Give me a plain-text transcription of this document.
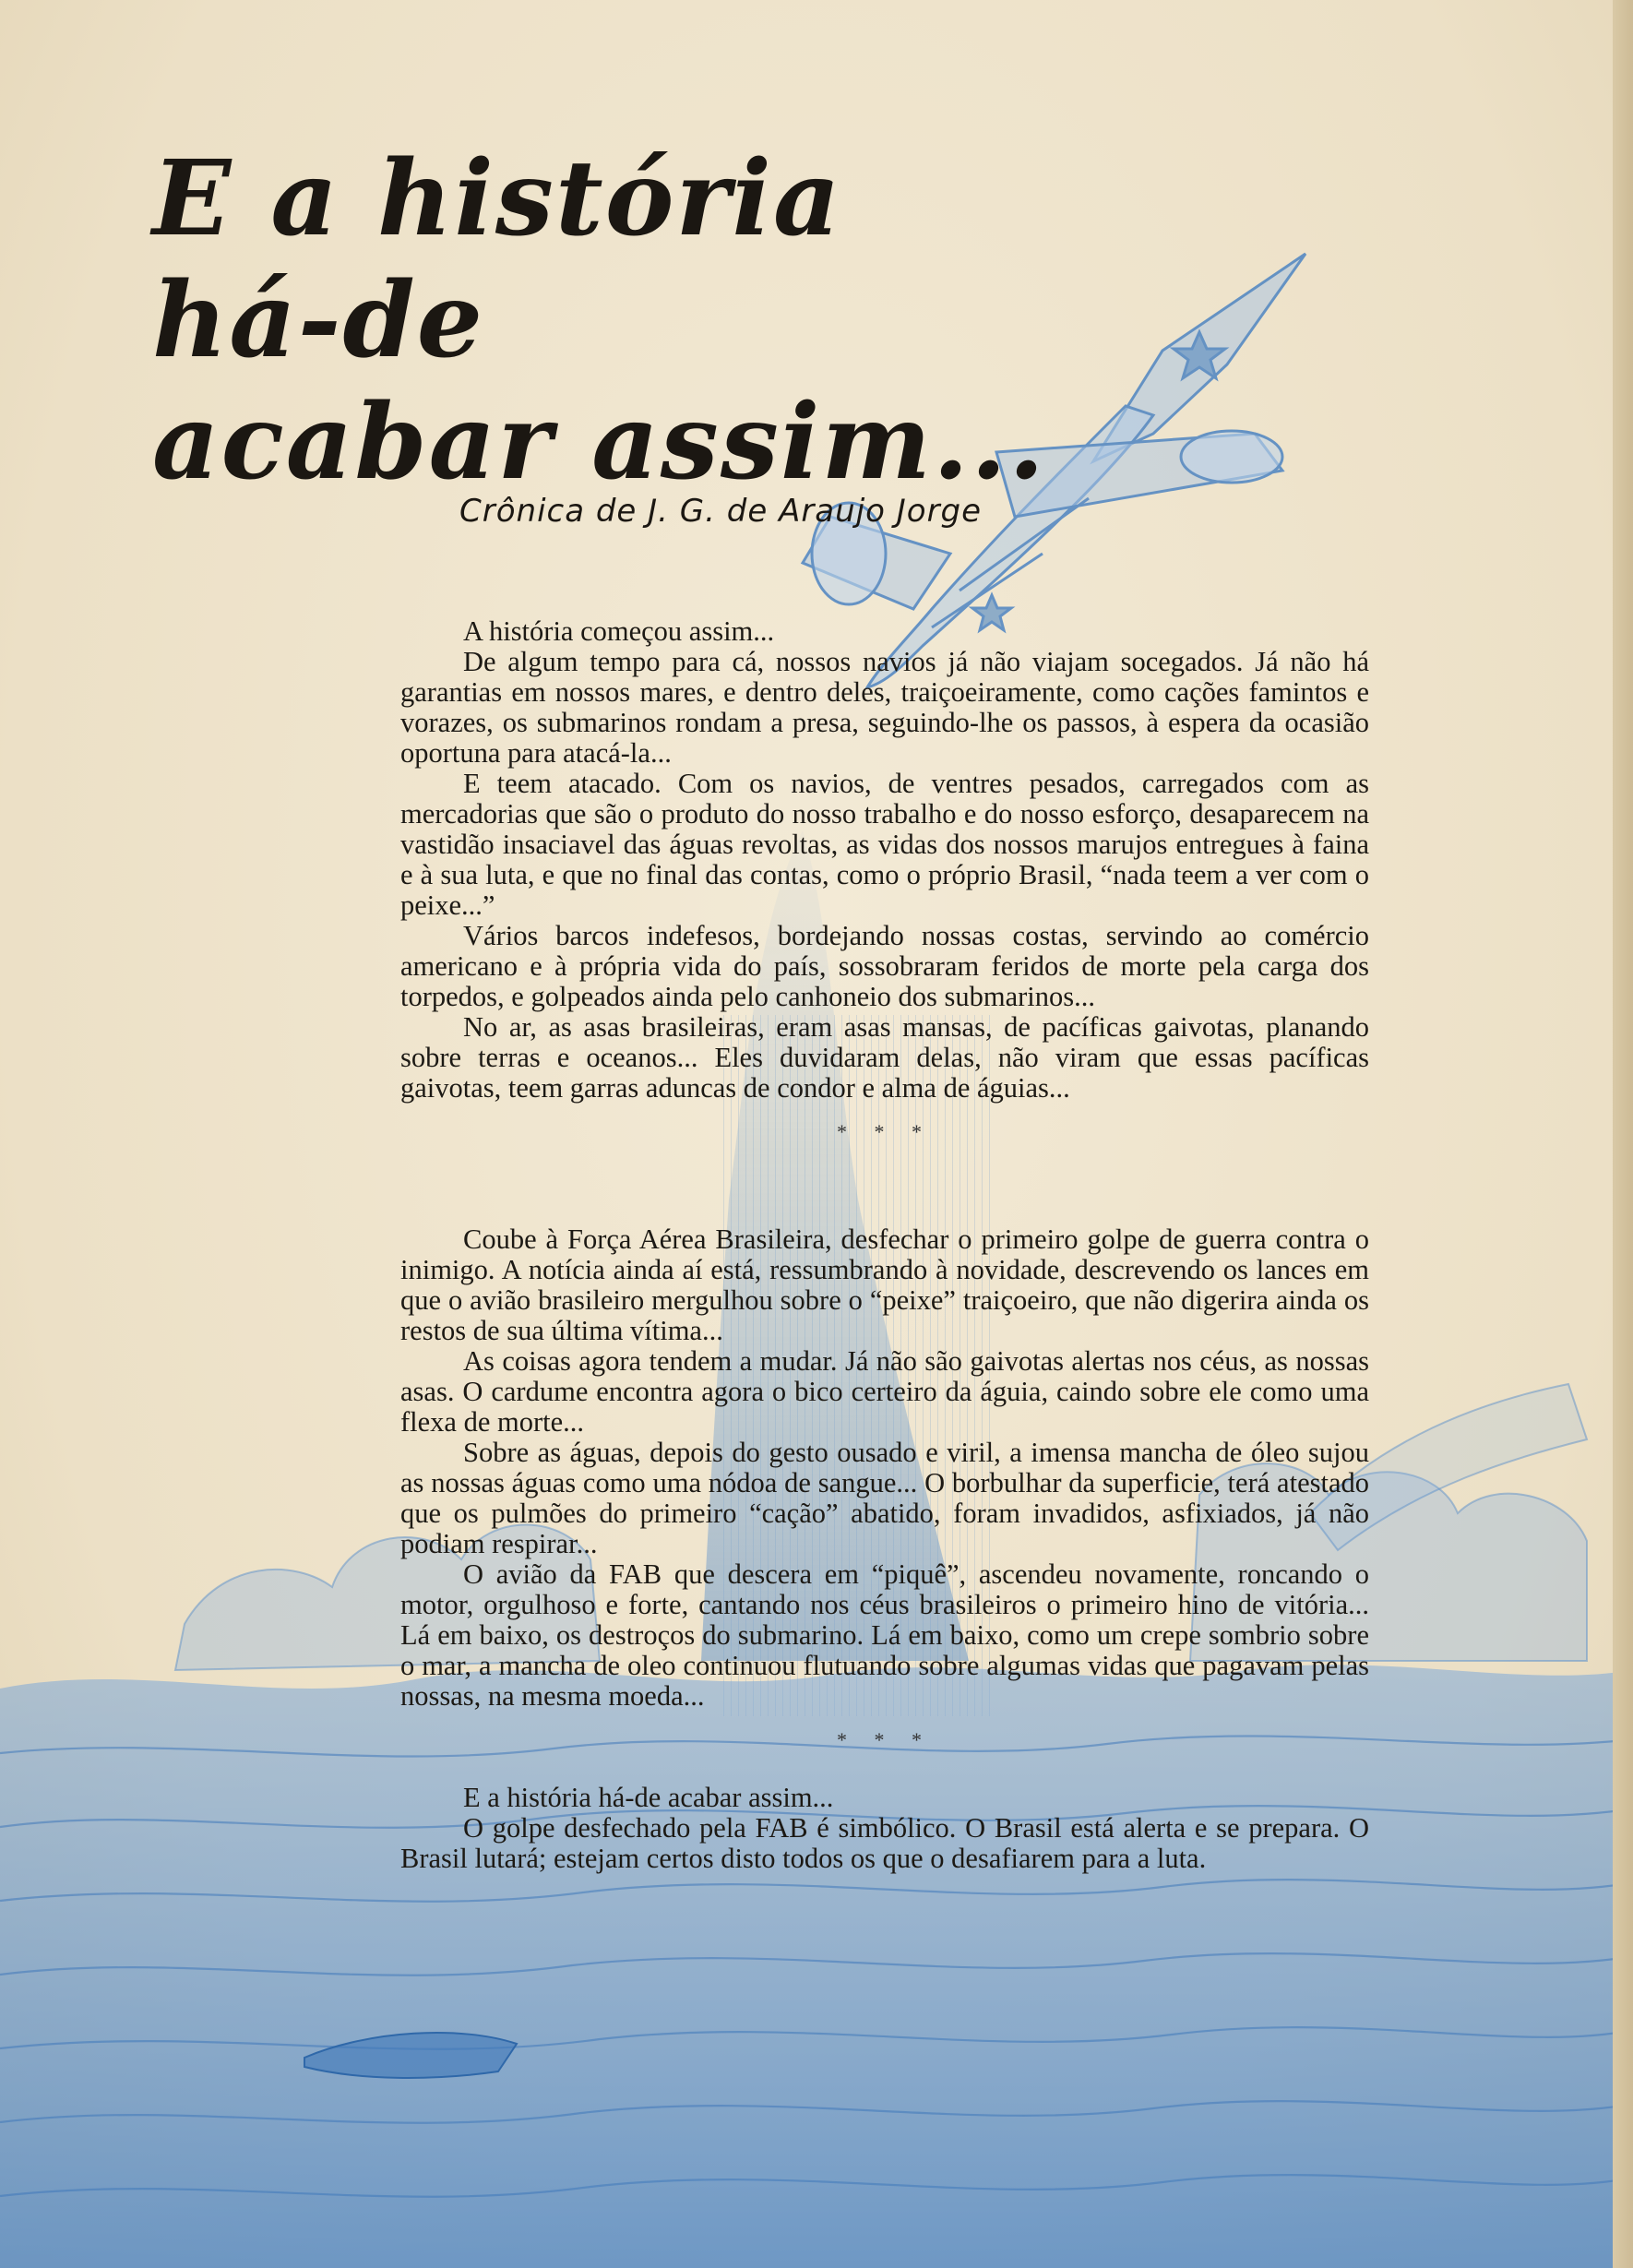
E a história
há-de
acabar assim...
Crônica de J. G. de Araujo Jorge

A história começou assim...

De algum tempo para cá, nossos navios já não viajam socegados. Já não há garantias em nossos mares, e dentro deles, traiçoeiramente, como cações famintos e vorazes, os submarinos rondam a presa, seguindo-lhe os passos, à espera da ocasião oportuna para atacá-la...

E teem atacado. Com os navios, de ventres pesados, carregados com as mercadorias que são o produto do nosso trabalho e do nosso esforço, desaparecem na vastidão insaciavel das águas revoltas, as vidas dos nossos marujos entregues à faina e à sua luta, e que no final das contas, como o próprio Brasil, “nada teem a ver com o peixe...”

Vários barcos indefesos, bordejando nossas costas, servindo ao comércio americano e à própria vida do país, sossobraram feridos de morte pela carga dos torpedos, e golpeados ainda pelo canhoneio dos submarinos...

No ar, as asas brasileiras, eram asas mansas, de pacíficas gaivotas, planando sobre terras e oceanos... Eles duvidaram delas, não viram que essas pacíficas gaivotas, teem garras aduncas de condor e alma de águias...

* * *

Coube à Força Aérea Brasileira, desfechar o primeiro golpe de guerra contra o inimigo. A notícia ainda aí está, ressumbrando à novidade, descrevendo os lances em que o avião brasileiro mergulhou sobre o “peixe” traiçoeiro, que não digerira ainda os restos de sua última vítima...

As coisas agora tendem a mudar. Já não são gaivotas alertas nos céus, as nossas asas. O cardume encontra agora o bico certeiro da águia, caindo sobre ele como uma flexa de morte...

Sobre as águas, depois do gesto ousado e viril, a imensa mancha de óleo sujou as nossas águas como uma nódoa de sangue... O borbulhar da superficie, terá atestado que os pulmões do primeiro “cação” abatido, foram invadidos, asfixiados, já não podiam respirar...

O avião da FAB que descera em “piquê”, ascendeu novamente, roncando o motor, orgulhoso e forte, cantando nos céus brasileiros o primeiro hino de vitória... Lá em baixo, os destroços do submarino. Lá em baixo, como um crepe sombrio sobre o mar, a mancha de oleo continuou flutuando sobre algumas vidas que pagavam pelas nossas, na mesma moeda...

* * *

E a história há-de acabar assim...

O golpe desfechado pela FAB é simbólico. O Brasil está alerta e se prepara. O Brasil lutará; estejam certos disto todos os que o desafiarem para a luta.
